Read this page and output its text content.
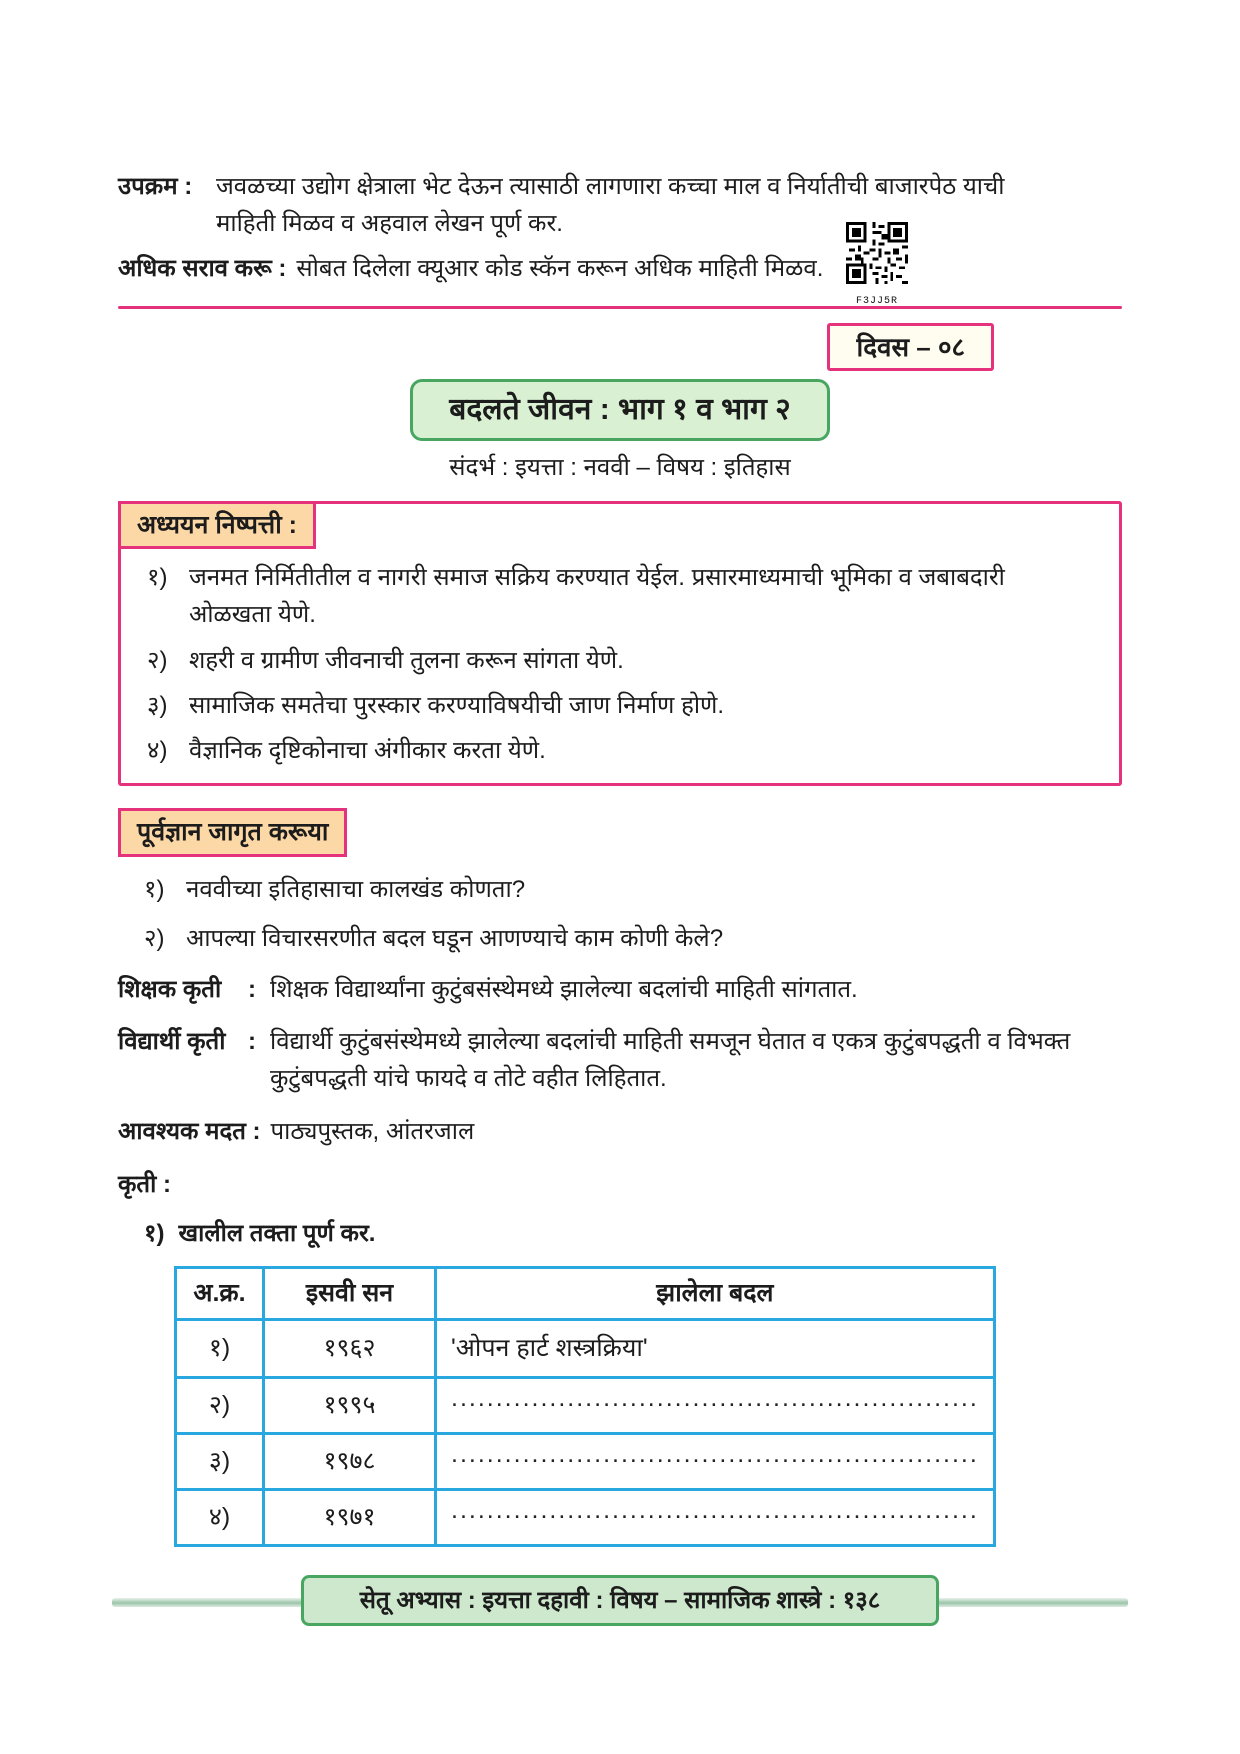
उपक्रम : जवळच्या उद्योग क्षेत्राला भेट देऊन त्यासाठी लागणारा कच्चा माल व निर्यातीची बाजारपेठ याची माहिती मिळव व अहवाल लेखन पूर्ण कर.
अधिक सराव करू : सोबत दिलेला क्यूआर कोड स्कॅन करून अधिक माहिती मिळव.
F3JJ5R
दिवस – ०८
बदलते जीवन : भाग १ व भाग २
संदर्भ : इयत्ता : नववी – विषय : इतिहास
अध्ययन निष्पत्ती :
१) जनमत निर्मितीतील व नागरी समाज सक्रिय करण्यात येईल. प्रसारमाध्यमाची भूमिका व जबाबदारी ओळखता येणे.
२) शहरी व ग्रामीण जीवनाची तुलना करून सांगता येणे.
३) सामाजिक समतेचा पुरस्कार करण्याविषयीची जाण निर्माण होणे.
४) वैज्ञानिक दृष्टिकोनाचा अंगीकार करता येणे.
पूर्वज्ञान जागृत करूया
१) नववीच्या इतिहासाचा कालखंड कोणता?
२) आपल्या विचारसरणीत बदल घडून आणण्याचे काम कोणी केले?
शिक्षक कृती	: शिक्षक विद्यार्थ्यांना कुटुंबसंस्थेमध्ये झालेल्या बदलांची माहिती सांगतात.
विद्यार्थी कृती : विद्यार्थी कुटुंबसंस्थेमध्ये झालेल्या बदलांची माहिती समजून घेतात व एकत्र कुटुंबपद्धती व विभक्त कुटुंबपद्धती यांचे फायदे व तोटे वहीत लिहितात.
आवश्यक मदत : पाठ्यपुस्तक, आंतरजाल
कृती :
१) खालील तक्ता पूर्ण कर.
अ.क्र.	इसवी सन	झालेला बदल
१)	१९६२	'ओपन हार्ट शस्त्रक्रिया'
२)	१९९५	...........................................................
३)	१९७८	...........................................................
४)	१९७१	...........................................................
सेतू अभ्यास : इयत्ता दहावी : विषय – सामाजिक शास्त्रे : १३८
